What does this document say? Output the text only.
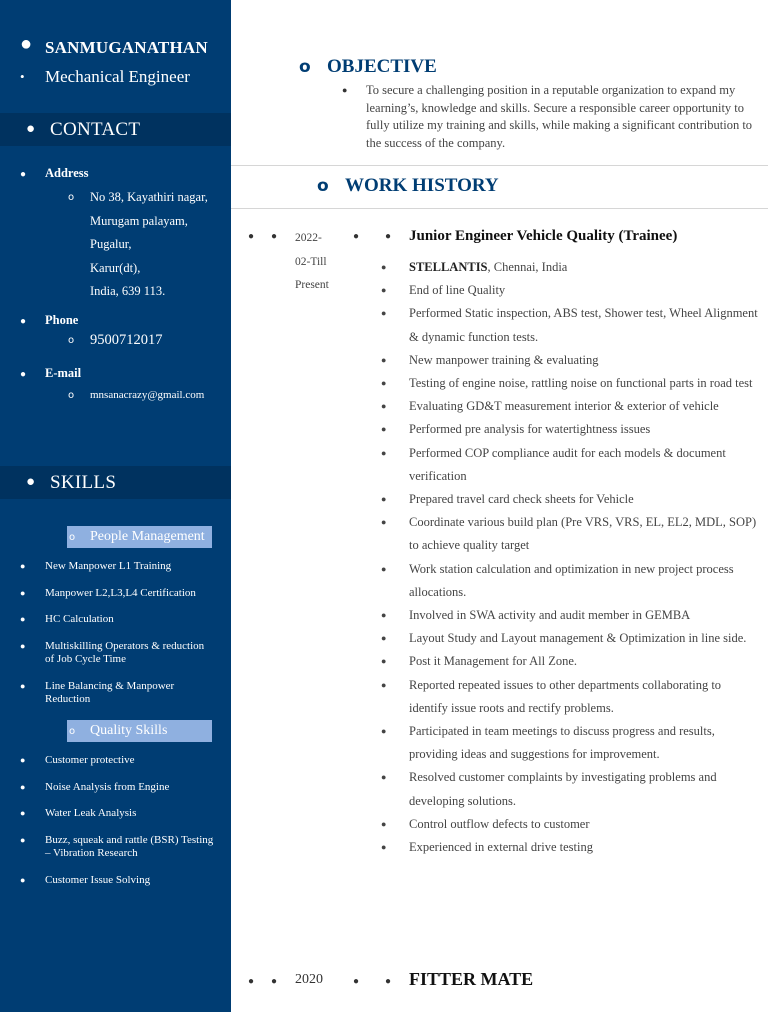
● SANMUGANATHAN
•	Mechanical Engineer
● CONTACT
●	Address
o	No 38, Kayathiri nagar,
Murugam palayam,
Pugalur,
Karur(dt),
India, 639 113.
●	Phone
o	9500712017
●	E-mail
o	mnsanacrazy@gmail.com
● SKILLS
o	People Management
●	New Manpower L1 Training
●	Manpower L2,L3,L4 Certification
●	HC Calculation
●	Multiskilling Operators & reduction of Job Cycle Time
●	Line Balancing & Manpower Reduction
o	Quality Skills
●	Customer protective
●	Noise Analysis from Engine
●	Water Leak Analysis
●	Buzz, squeak and rattle (BSR) Testing – Vibration Research
●	Customer Issue Solving
o OBJECTIVE
●	To secure a challenging position in a reputable organization to expand my learning’s, knowledge and skills. Secure a responsible career opportunity to fully utilize my training and skills, while making a significant contribution to the success of the company.
o WORK HISTORY
● ● 2022-
02-Till
Present
●	● Junior Engineer Vehicle Quality (Trainee)
●	STELLANTIS, Chennai, India
●	End of line Quality
●	Performed Static inspection, ABS test, Shower test, Wheel Alignment & dynamic function tests.
●	New manpower training & evaluating
●	Testing of engine noise, rattling noise on functional parts in road test
●	Evaluating GD&T measurement interior & exterior of vehicle
●	Performed pre analysis for watertightness issues
●	Performed COP compliance audit for each models & document verification
●	Prepared travel card check sheets for Vehicle
●	Coordinate various build plan (Pre VRS, VRS, EL, EL2, MDL, SOP) to achieve quality target
●	Work station calculation and optimization in new project process allocations.
●	Involved in SWA activity and audit member in GEMBA
●	Layout Study and Layout management & Optimization in line side.
●	Post it Management for All Zone.
●	Reported repeated issues to other departments collaborating to identify issue roots and rectify problems.
●	Participated in team meetings to discuss progress and results, providing ideas and suggestions for improvement.
●	Resolved customer complaints by investigating problems and developing solutions.
●	Control outflow defects to customer
●	Experienced in external drive testing
● ● 2020	●	● FITTER MATE
